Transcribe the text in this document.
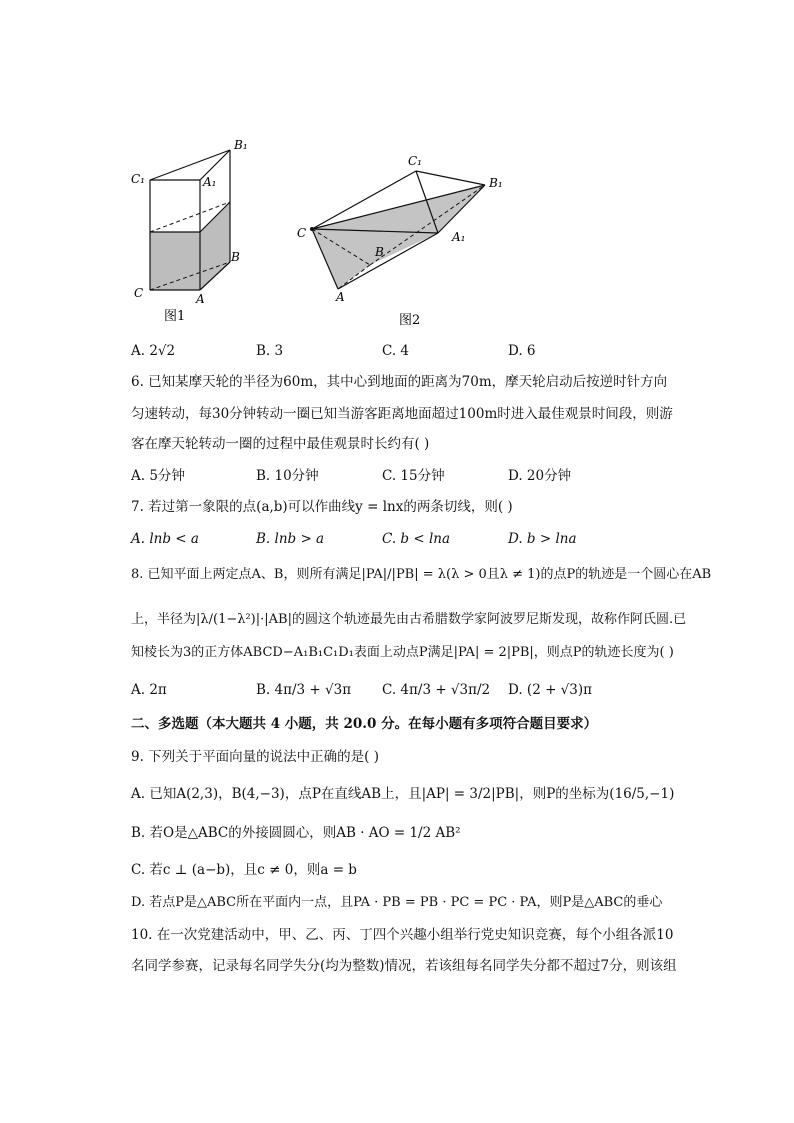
B₁
C₁	A₁
B
C	A
图1
C₁
B₁
C	A₁
B
A
图2
A. 2√2	B. 3	C. 4	D. 6
6. 已知某摩天轮的半径为60m，其中心到地面的距离为70m，摩天轮启动后按逆时针方向
匀速转动，每30分钟转动一圈已知当游客距离地面超过100m时进入最佳观景时间段，则游
客在摩天轮转动一圈的过程中最佳观景时长约有( )
A. 5分钟	B. 10分钟	C. 15分钟	D. 20分钟
7. 若过第一象限的点(a,b)可以作曲线y = lnx的两条切线，则( )
A. lnb < a	B. lnb > a	C. b < lna	D. b > lna
8. 已知平面上两定点A、B，则所有满足|PA|/|PB| = λ(λ > 0且λ ≠ 1)的点P的轨迹是一个圆心在AB
上，半径为|λ/(1−λ²)|·|AB|的圆这个轨迹最先由古希腊数学家阿波罗尼斯发现，故称作阿氏圆.已
知棱长为3的正方体ABCD−A₁B₁C₁D₁表面上动点P满足|PA| = 2|PB|，则点P的轨迹长度为( )
A. 2π	B. 4π/3 + √3π C. 4π/3 + √3π/2 D. (2 + √3)π
二、多选题（本大题共 4 小题，共 20.0 分。在每小题有多项符合题目要求）
9. 下列关于平面向量的说法中正确的是( )
A. 已知A(2,3)，B(4,−3)，点P在直线AB上，且|AP| = 3/2|PB|，则P的坐标为(16/5,−1)
B. 若O是△ABC的外接圆圆心，则AB · AO = 1/2 AB²
C. 若c ⊥ (a−b)，且c ≠ 0，则a = b
D. 若点P是△ABC所在平面内一点，且PA · PB = PB · PC = PC · PA，则P是△ABC的垂心
10. 在一次党建活动中，甲、乙、丙、丁四个兴趣小组举行党史知识竞赛，每个小组各派10
名同学参赛，记录每名同学失分(均为整数)情况，若该组每名同学失分都不超过7分，则该组
